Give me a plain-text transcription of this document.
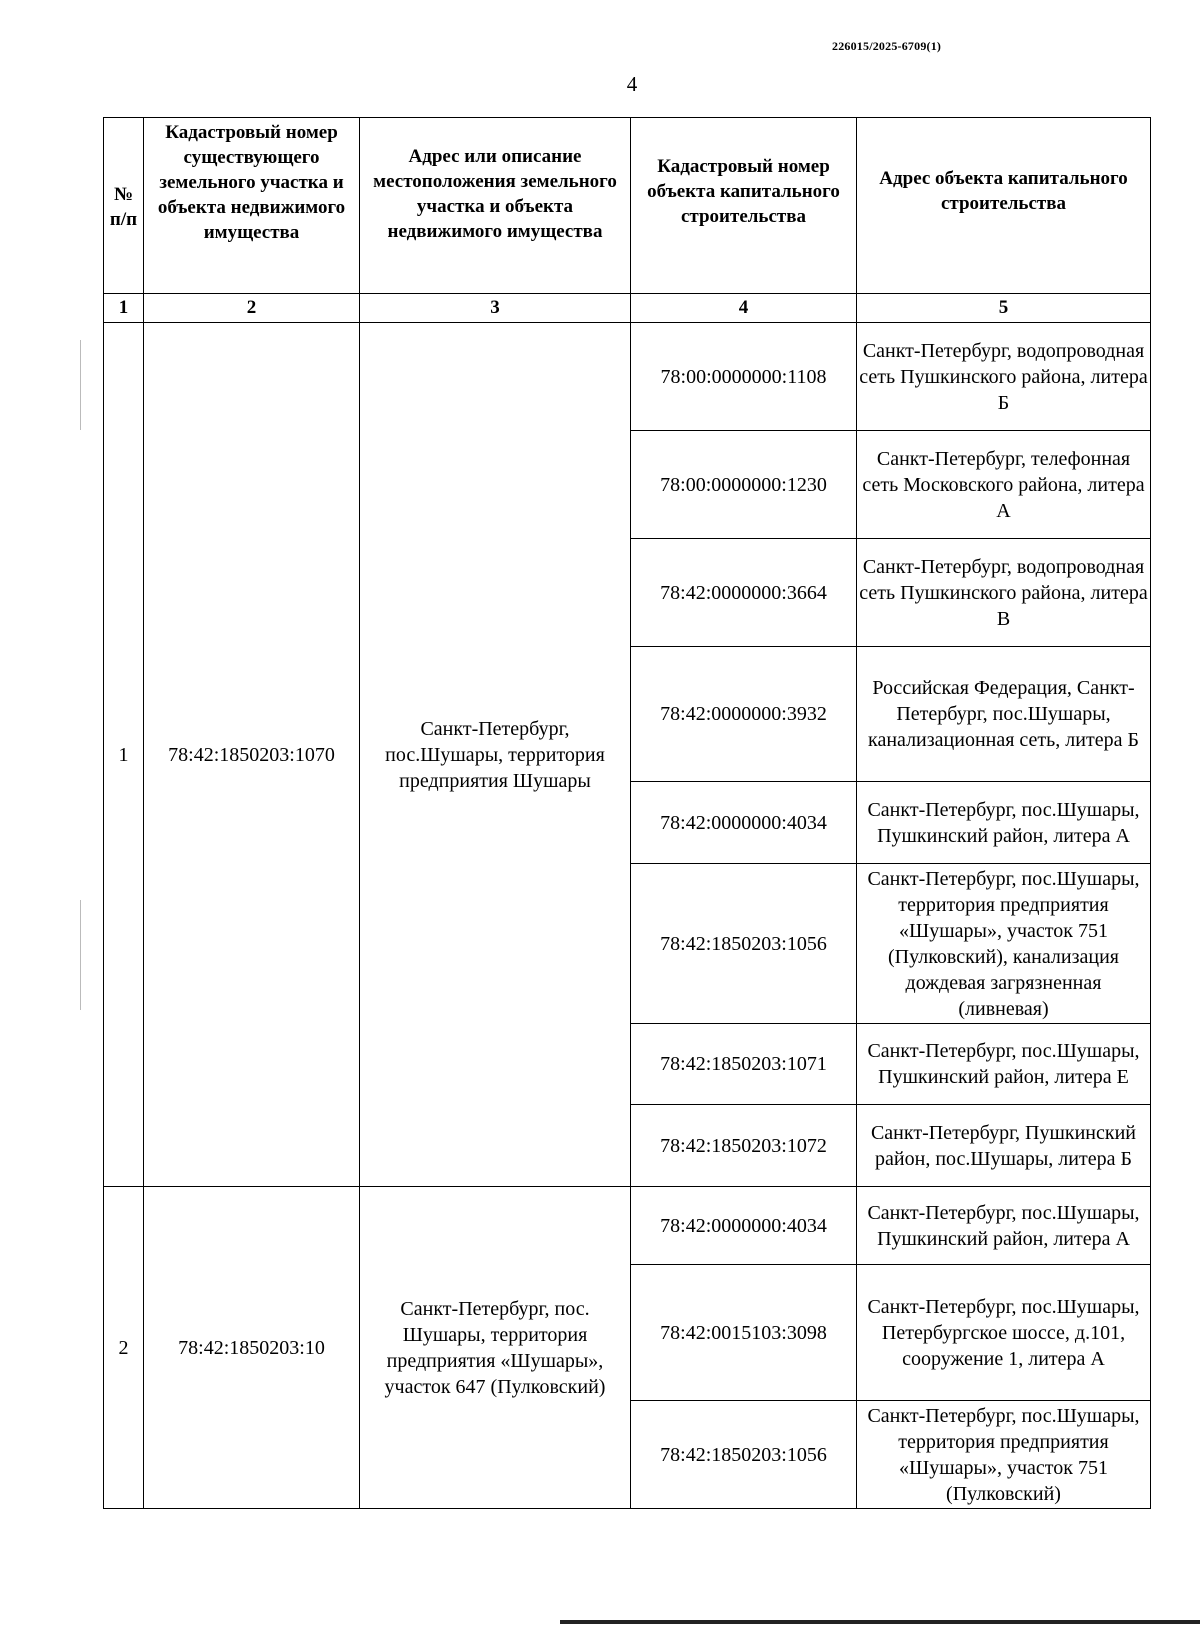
226015/2025-6709(1)
4
№ п/п	Кадастровый номер существующего земельного участка и объекта недвижимого имущества	Адрес или описание местоположения земельного участка и объекта недвижимого имущества	Кадастровый номер объекта капитального строительства	Адрес объекта капитального строительства
1	2	3	4	5
1	78:42:1850203:1070	Санкт-Петербург, пос.Шушары, территория предприятия Шушары	78:00:0000000:1108	Санкт-Петербург, водопроводная сеть Пушкинского района, литера Б
			78:00:0000000:1230	Санкт-Петербург, телефонная сеть Московского района, литера А
			78:42:0000000:3664	Санкт-Петербург, водопроводная сеть Пушкинского района, литера В
			78:42:0000000:3932	Российская Федерация, Санкт-Петербург, пос.Шушары, канализационная сеть, литера Б
			78:42:0000000:4034	Санкт-Петербург, пос.Шушары, Пушкинский район, литера А
			78:42:1850203:1056	Санкт-Петербург, пос.Шушары, территория предприятия «Шушары», участок 751 (Пулковский), канализация дождевая загрязненная (ливневая)
			78:42:1850203:1071	Санкт-Петербург, пос.Шушары, Пушкинский район, литера Е
			78:42:1850203:1072	Санкт-Петербург, Пушкинский район, пос.Шушары, литера Б
2	78:42:1850203:10	Санкт-Петербург, пос. Шушары, территория предприятия «Шушары», участок 647 (Пулковский)	78:42:0000000:4034	Санкт-Петербург, пос.Шушары, Пушкинский район, литера А
			78:42:0015103:3098	Санкт-Петербург, пос.Шушары, Петербургское шоссе, д.101, сооружение 1, литера А
			78:42:1850203:1056	Санкт-Петербург, пос.Шушары, территория предприятия «Шушары», участок 751 (Пулковский)
